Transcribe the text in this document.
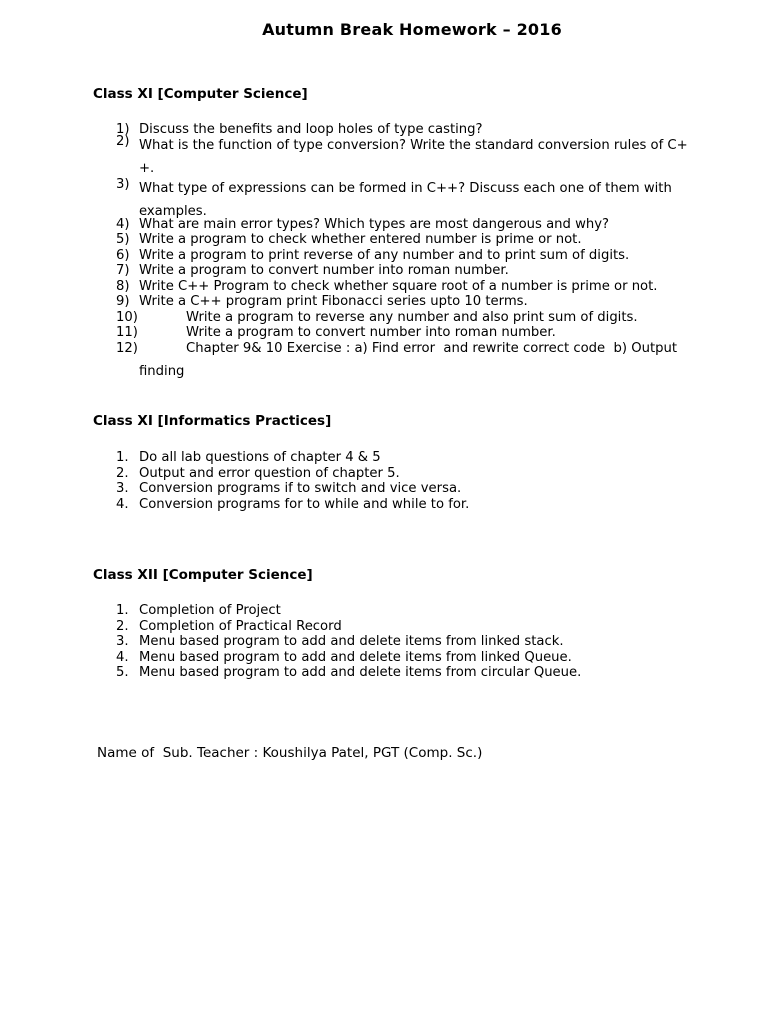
Autumn Break Homework – 2016
Class XI [Computer Science]
1) Discuss the benefits and loop holes of type casting?
2) What is the function of type conversion? Write the standard conversion rules of C+
+.
3) What type of expressions can be formed in C++? Discuss each one of them with
examples.
4) What are main error types? Which types are most dangerous and why?
5) Write a program to check whether entered number is prime or not.
6) Write a program to print reverse of any number and to print sum of digits.
7) Write a program to convert number into roman number.
8) Write C++ Program to check whether square root of a number is prime or not.
9) Write a C++ program print Fibonacci series upto 10 terms.
10)	Write a program to reverse any number and also print sum of digits.
11)	Write a program to convert number into roman number.
12)	Chapter 9& 10 Exercise : a) Find error  and rewrite correct code  b) Output
finding
Class XI [Informatics Practices]
1. Do all lab questions of chapter 4 & 5
2. Output and error question of chapter 5.
3. Conversion programs if to switch and vice versa.
4. Conversion programs for to while and while to for.
Class XII [Computer Science]
1. Completion of Project
2. Completion of Practical Record
3. Menu based program to add and delete items from linked stack.
4. Menu based program to add and delete items from linked Queue.
5. Menu based program to add and delete items from circular Queue.
Name of  Sub. Teacher : Koushilya Patel, PGT (Comp. Sc.)
